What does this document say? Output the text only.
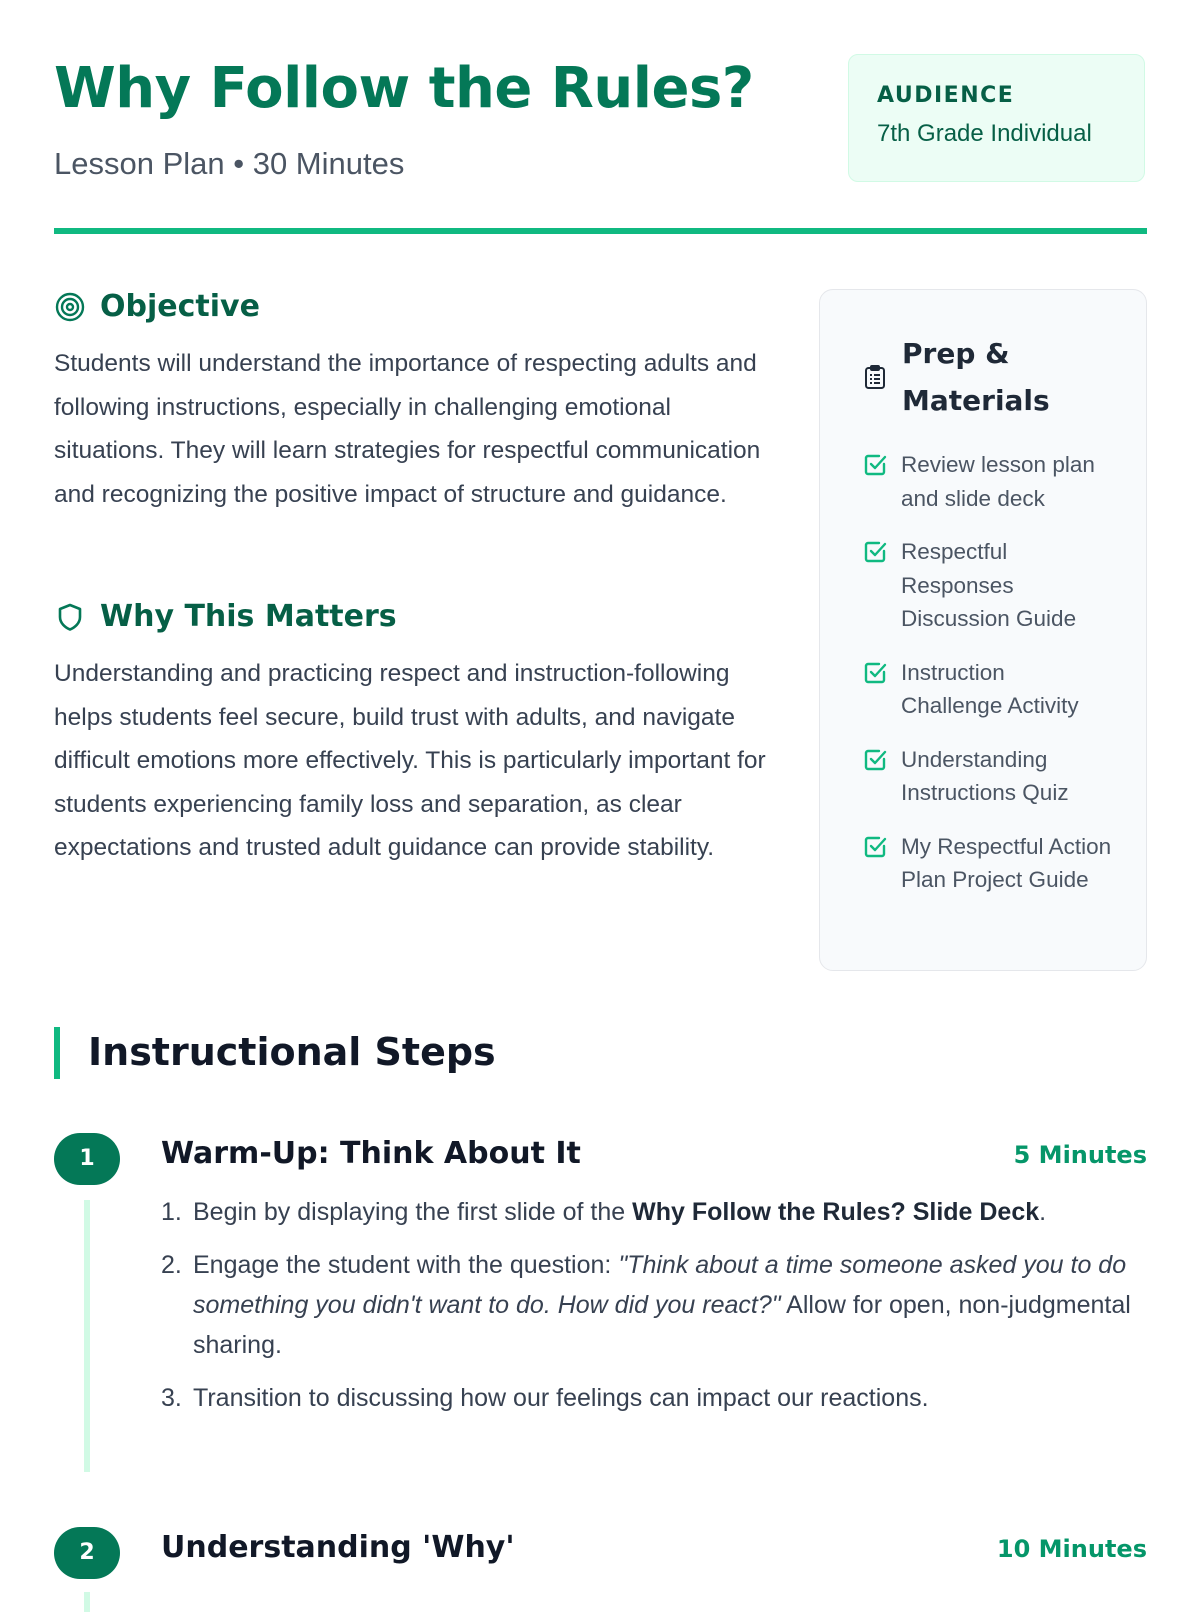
Why Follow the Rules?
Lesson Plan • 30 Minutes
AUDIENCE
7th Grade Individual
Objective

Students will understand the importance of respecting adults and following instructions, especially in challenging emotional situations. They will learn strategies for respectful communication and recognizing the positive impact of structure and guidance.

Why This Matters

Understanding and practicing respect and instruction-following helps students feel secure, build trust with adults, and navigate difficult emotions more effectively. This is particularly important for students experiencing family loss and separation, as clear expectations and trusted adult guidance can provide stability.

Prep & Materials
Review lesson plan and slide deck
Respectful Responses Discussion Guide
Instruction Challenge Activity
Understanding Instructions Quiz
My Respectful Action Plan Project Guide
Instructional Steps
1	Warm-Up: Think About It	5 Minutes
1. Begin by displaying the first slide of the Why Follow the Rules? Slide Deck.
2. Engage the student with the question: "Think about a time someone asked you to do something you didn't want to do. How did you react?" Allow for open, non-judgmental sharing.
3. Transition to discussing how our feelings can impact our reactions.
2	Understanding 'Why'	10 Minutes
